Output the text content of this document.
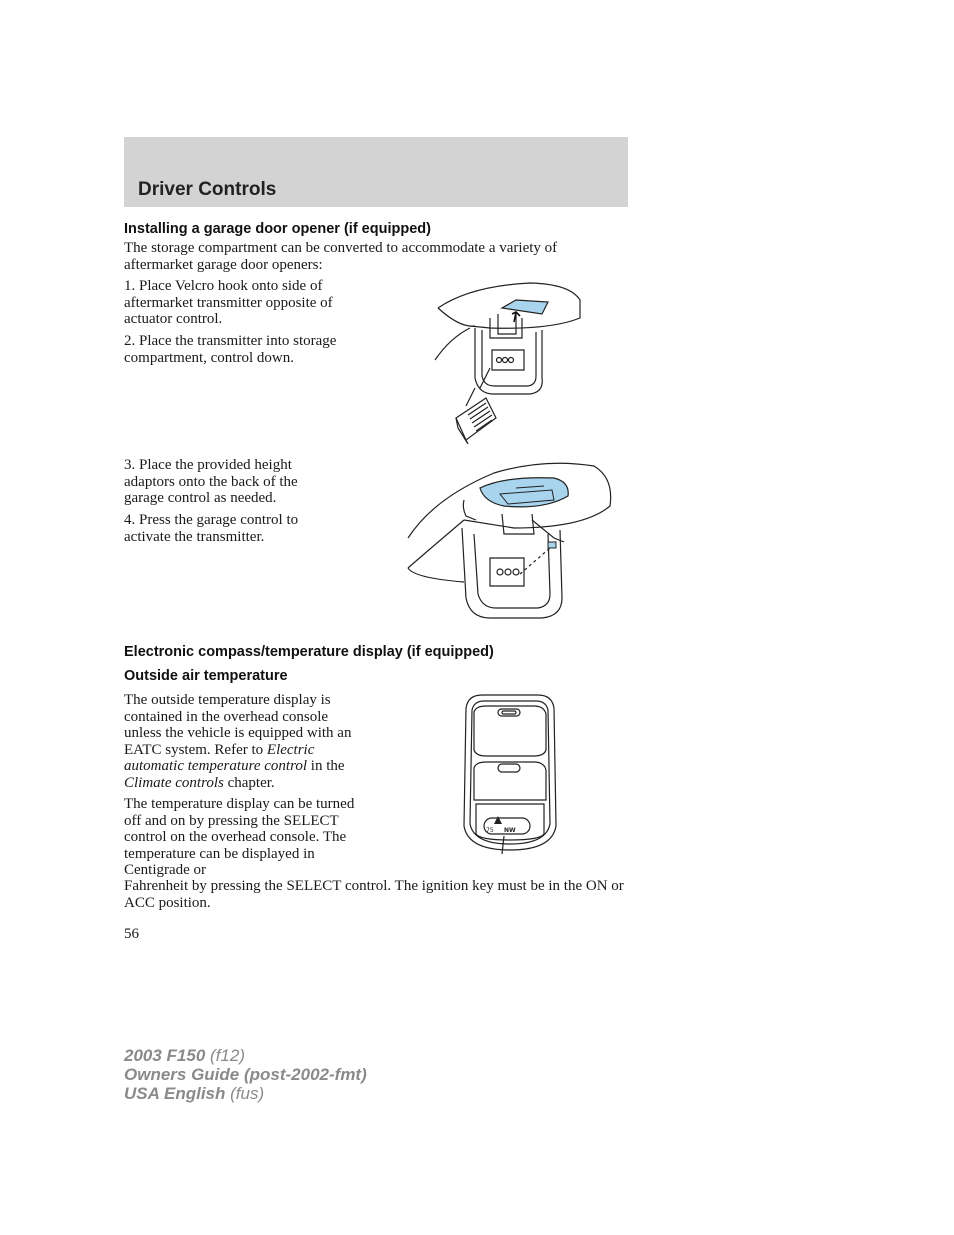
Driver Controls
Installing a garage door opener (if equipped)

The storage compartment can be converted to accommodate a variety of aftermarket garage door openers:

1. Place Velcro hook onto side of aftermarket transmitter opposite of actuator control.

2. Place the transmitter into storage compartment, control down.

3. Place the provided height adaptors onto the back of the garage control as needed.

4. Press the garage control to activate the transmitter.

Electronic compass/temperature display (if equipped)
Outside air temperature

The outside temperature display is contained in the overhead console unless the vehicle is equipped with an EATC system. Refer to Electric automatic temperature control in the Climate controls chapter.

The temperature display can be turned off and on by pressing the SELECT control on the overhead console. The temperature can be displayed in Centigrade or

Fahrenheit by pressing the SELECT control. The ignition key must be in the ON or ACC position.

75 NW
56
2003 F150 (f12)
Owners Guide (post-2002-fmt)
USA English (fus)
